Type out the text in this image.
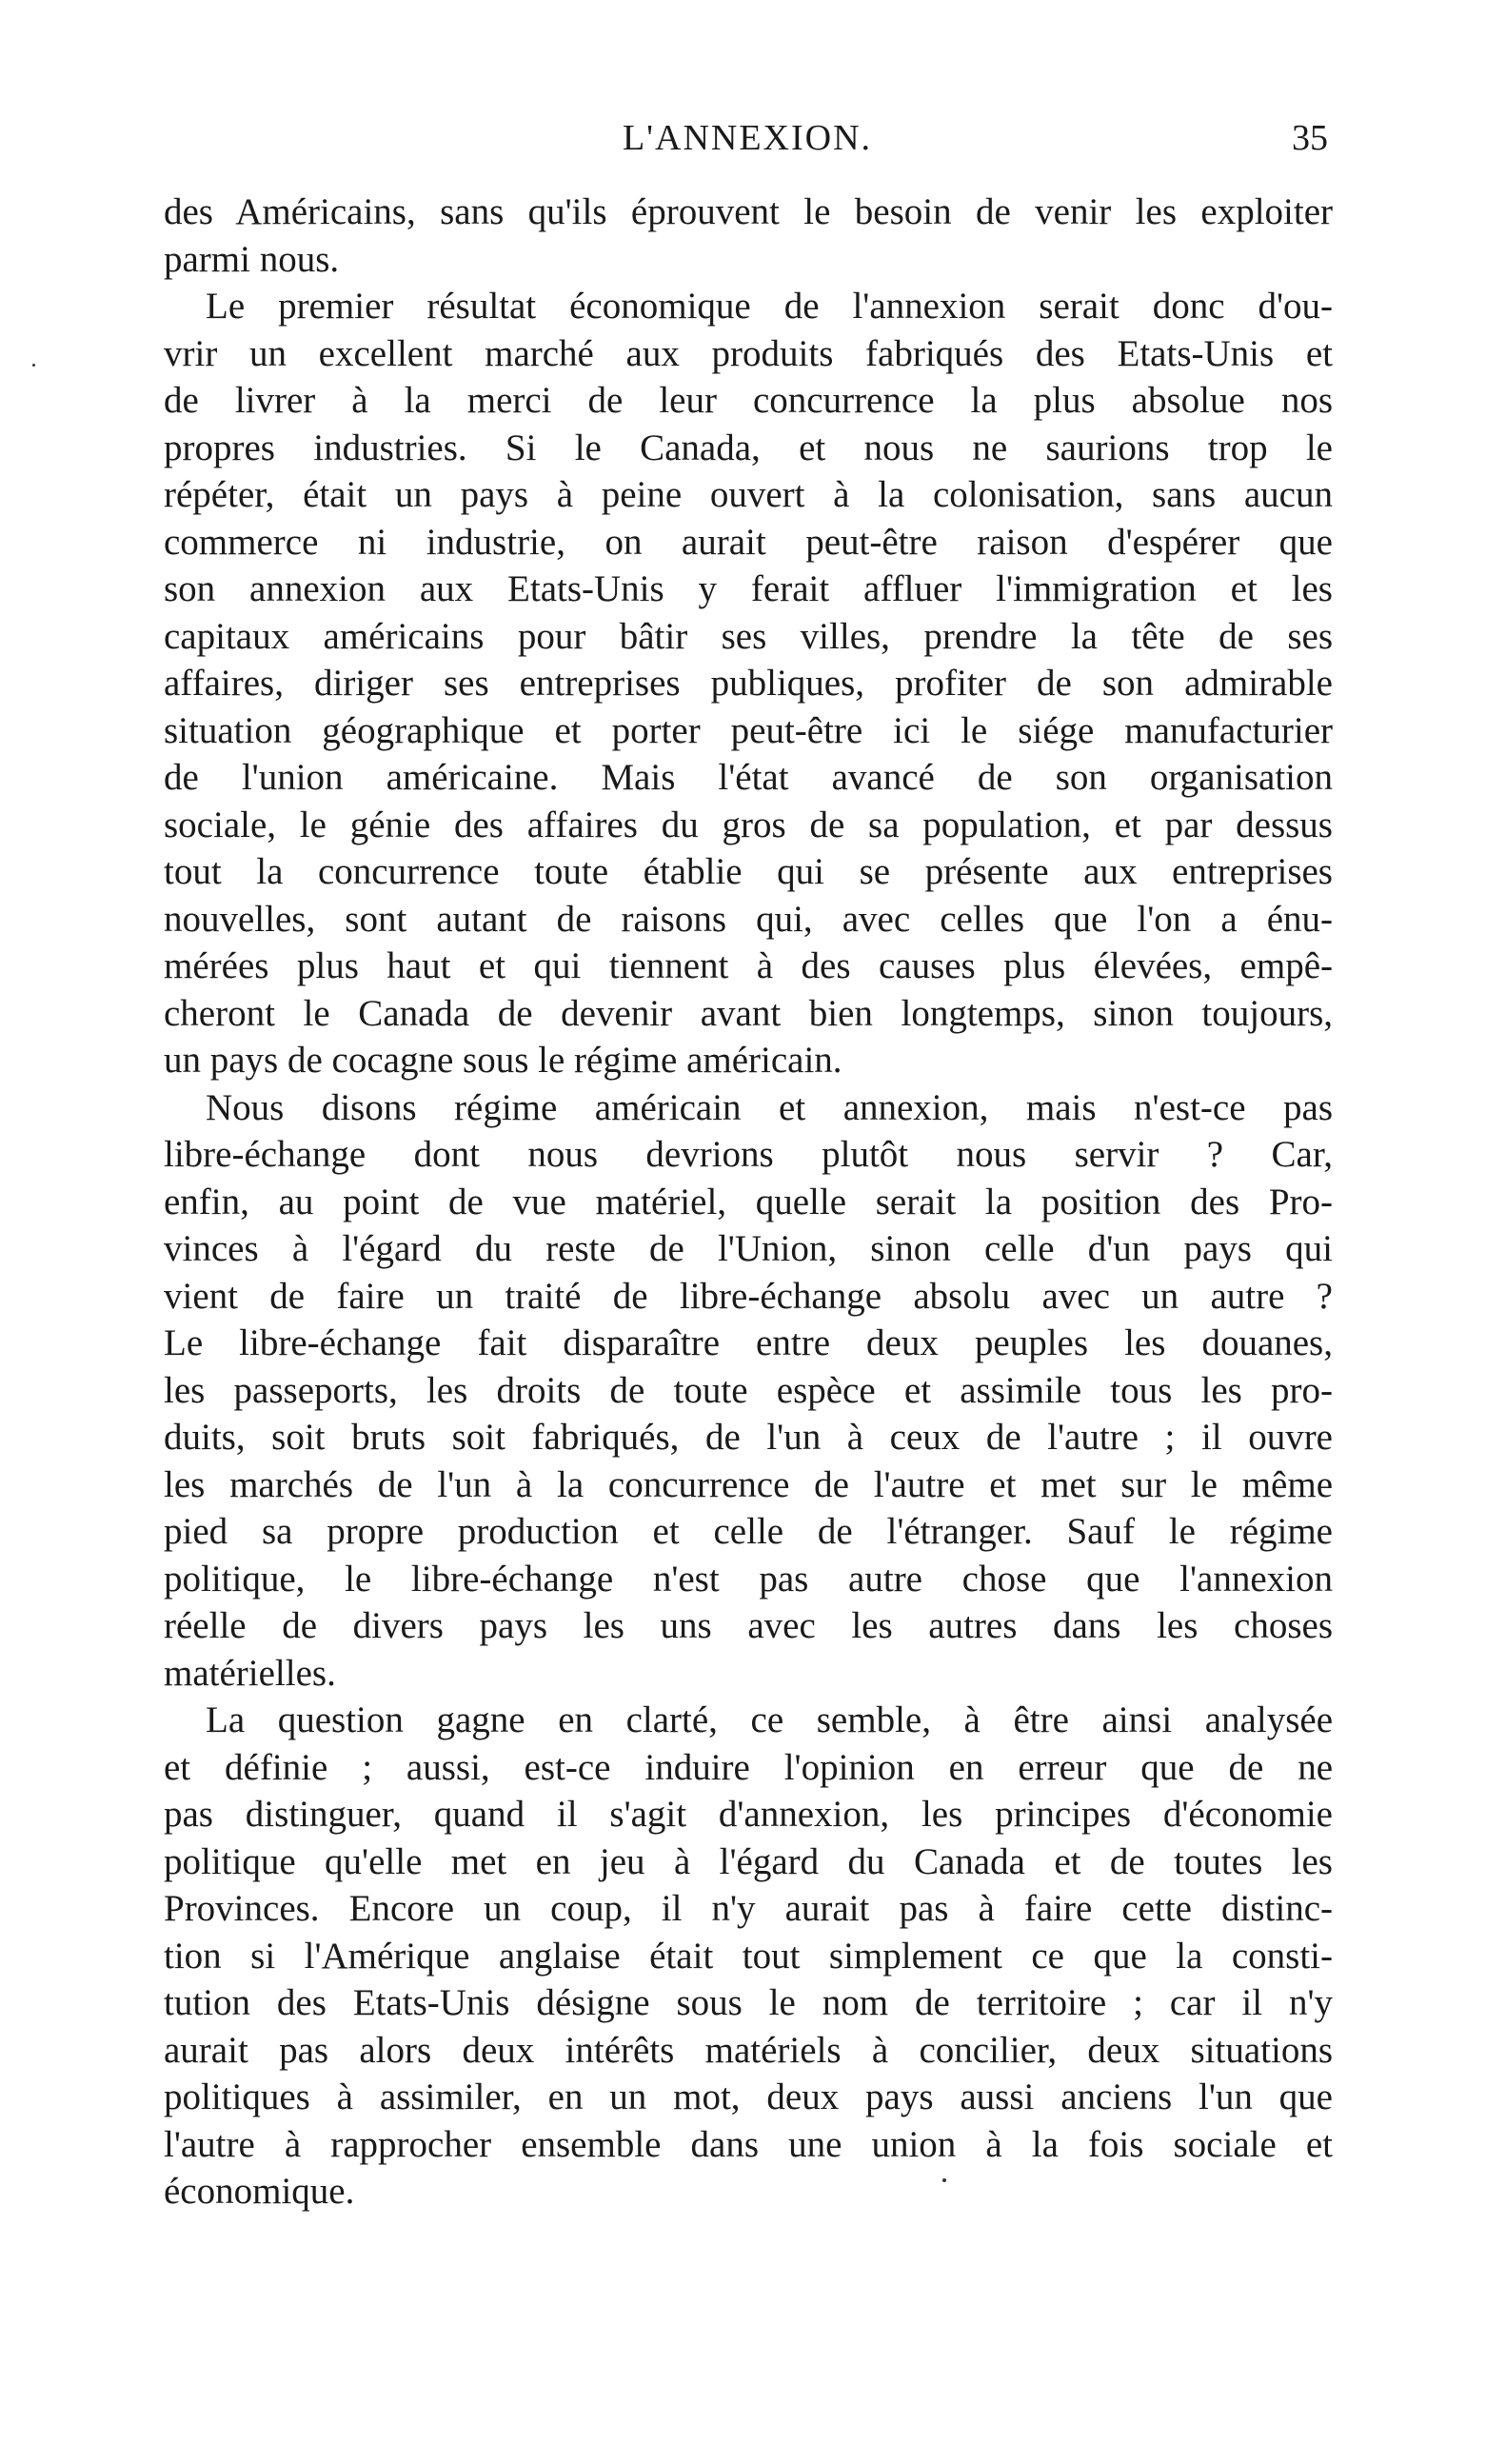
L'ANNEXION.	35
des Américains, sans qu'ils éprouvent le besoin de venir les exploiter
parmi nous.
Le premier résultat économique de l'annexion serait donc d'ou-
vrir un excellent marché aux produits fabriqués des Etats-Unis et
de livrer à la merci de leur concurrence la plus absolue nos
propres industries. Si le Canada, et nous ne saurions trop le
répéter, était un pays à peine ouvert à la colonisation, sans aucun
commerce ni industrie, on aurait peut-être raison d'espérer que
son annexion aux Etats-Unis y ferait affluer l'immigration et les
capitaux américains pour bâtir ses villes, prendre la tête de ses
affaires, diriger ses entreprises publiques, profiter de son admirable
situation géographique et porter peut-être ici le siége manufacturier
de l'union américaine. Mais l'état avancé de son organisation
sociale, le génie des affaires du gros de sa population, et par dessus
tout la concurrence toute établie qui se présente aux entreprises
nouvelles, sont autant de raisons qui, avec celles que l'on a énu-
mérées plus haut et qui tiennent à des causes plus élevées, empê-
cheront le Canada de devenir avant bien longtemps, sinon toujours,
un pays de cocagne sous le régime américain.
Nous disons régime américain et annexion, mais n'est-ce pas
libre-échange dont nous devrions plutôt nous servir ? Car,
enfin, au point de vue matériel, quelle serait la position des Pro-
vinces à l'égard du reste de l'Union, sinon celle d'un pays qui
vient de faire un traité de libre-échange absolu avec un autre ?
Le libre-échange fait disparaître entre deux peuples les douanes,
les passeports, les droits de toute espèce et assimile tous les pro-
duits, soit bruts soit fabriqués, de l'un à ceux de l'autre ; il ouvre
les marchés de l'un à la concurrence de l'autre et met sur le même
pied sa propre production et celle de l'étranger. Sauf le régime
politique, le libre-échange n'est pas autre chose que l'annexion
réelle de divers pays les uns avec les autres dans les choses
matérielles.
La question gagne en clarté, ce semble, à être ainsi analysée
et définie ; aussi, est-ce induire l'opinion en erreur que de ne
pas distinguer, quand il s'agit d'annexion, les principes d'économie
politique qu'elle met en jeu à l'égard du Canada et de toutes les
Provinces. Encore un coup, il n'y aurait pas à faire cette distinc-
tion si l'Amérique anglaise était tout simplement ce que la consti-
tution des Etats-Unis désigne sous le nom de territoire ; car il n'y
aurait pas alors deux intérêts matériels à concilier, deux situations
politiques à assimiler, en un mot, deux pays aussi anciens l'un que
l'autre à rapprocher ensemble dans une union à la fois sociale et
économique.
